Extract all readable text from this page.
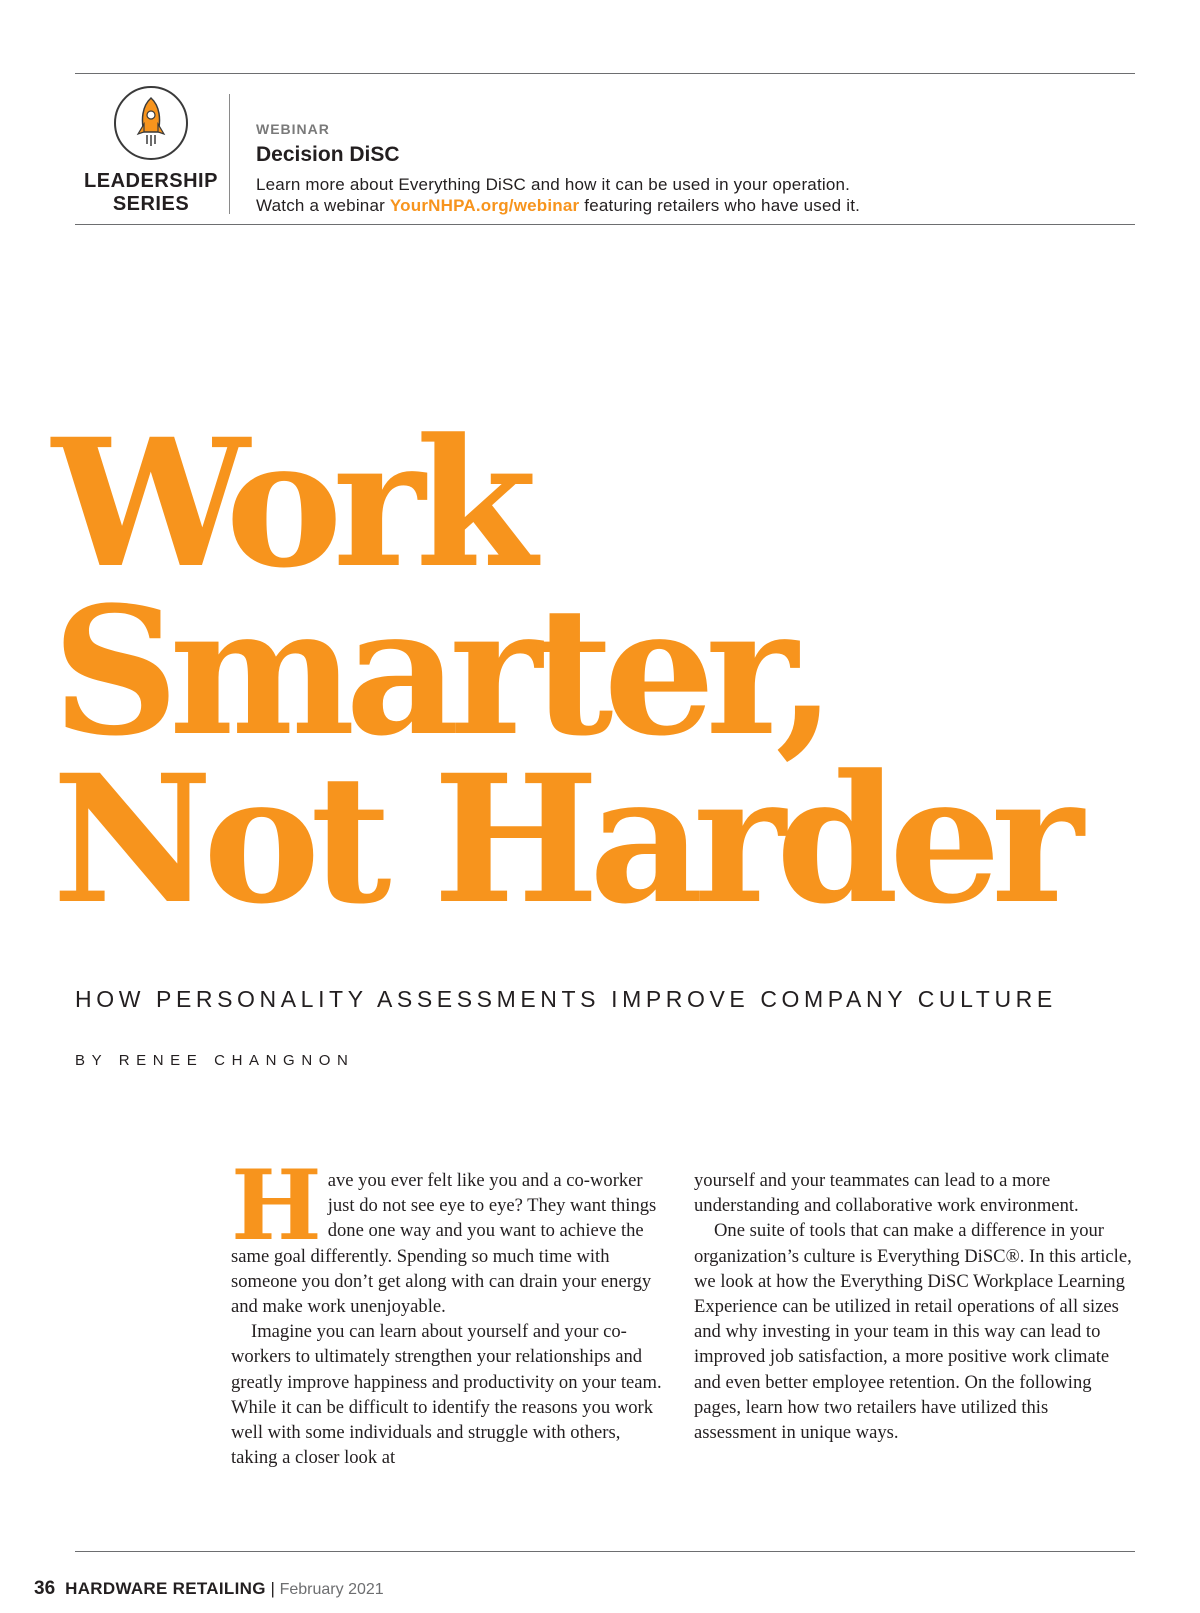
LEADERSHIP
SERIES
WEBINAR
Decision DiSC
Learn more about Everything DiSC and how it can be used in your operation.
Watch a webinar YourNHPA.org/webinar featuring retailers who have used it.
Work
Smarter,
Not Harder
HOW PERSONALITY ASSESSMENTS IMPROVE COMPANY CULTURE
BY RENEE CHANGNON

Have you ever felt like you and a co-worker just do not see eye to eye? They want things done one way and you want to achieve the same goal differently. Spending so much time with someone you don’t get along with can drain your energy and make work unenjoyable.

Imagine you can learn about yourself and your co-workers to ultimately strengthen your relationships and greatly improve happiness and productivity on your team. While it can be difficult to identify the reasons you work well with some individuals and struggle with others, taking a closer look at

yourself and your teammates can lead to a more understanding and collaborative work environment.

One suite of tools that can make a difference in your organization’s culture is Everything DiSC®. In this article, we look at how the Everything DiSC Workplace Learning Experience can be utilized in retail operations of all sizes and why investing in your team in this way can lead to improved job satisfaction, a more positive work climate and even better employee retention. On the following pages, learn how two retailers have utilized this assessment in unique ways.

36 HARDWARE RETAILING | February 2021
